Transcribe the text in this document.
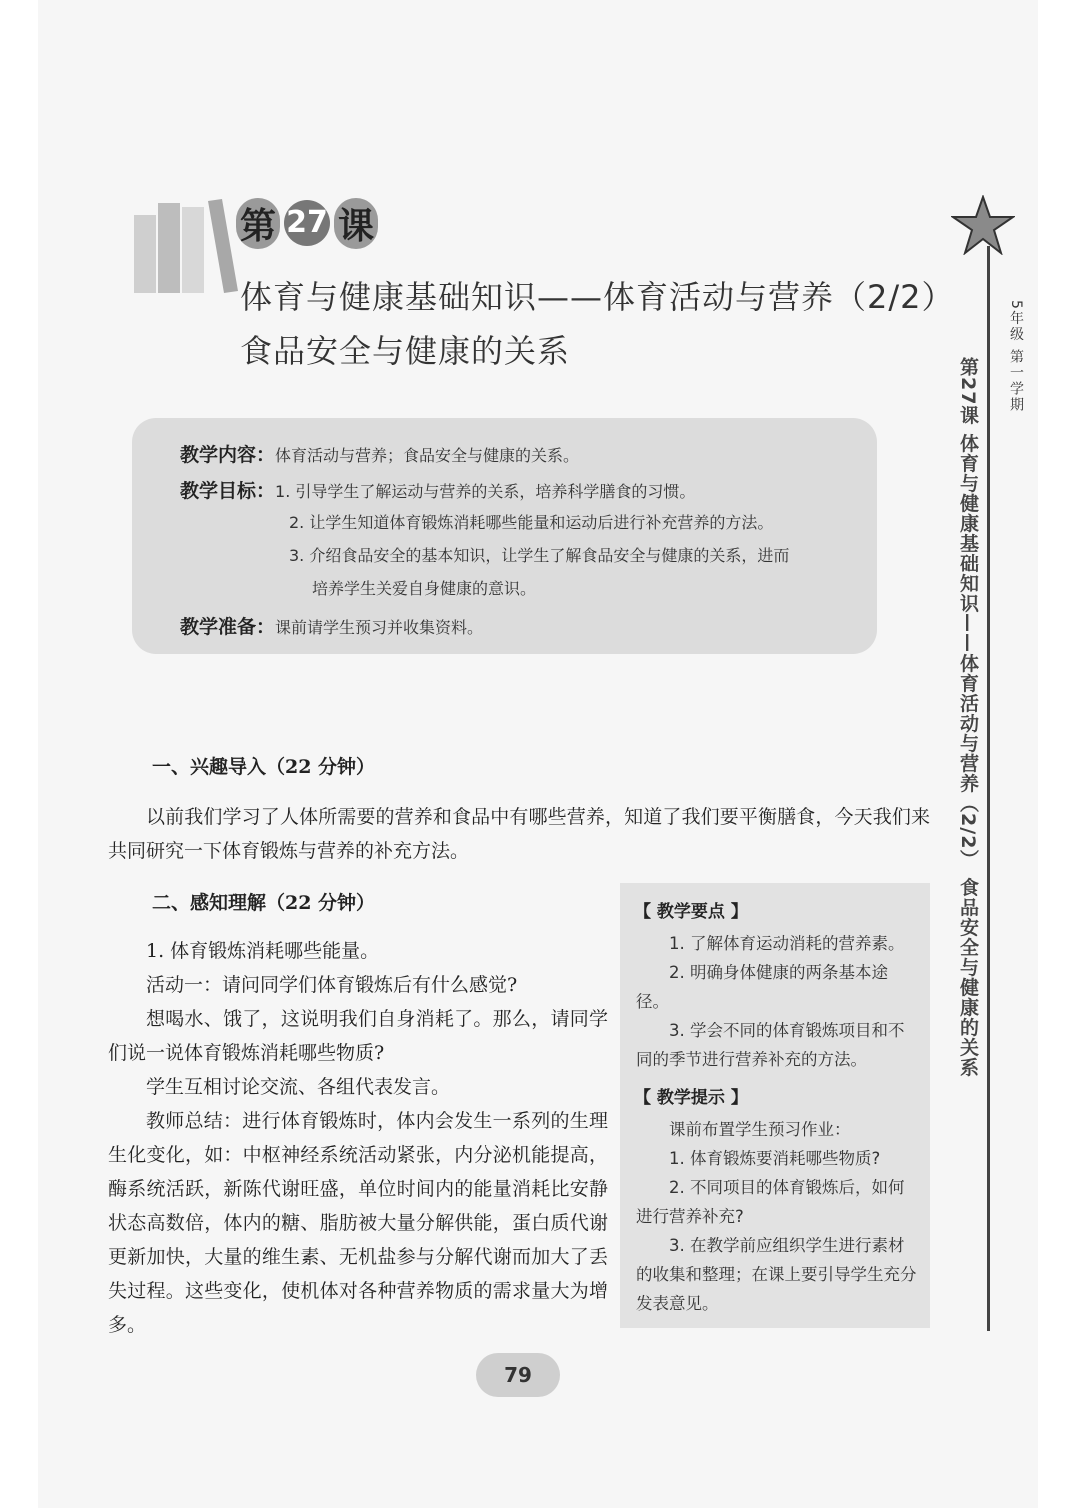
第 27 课
体育与健康基础知识——体育活动与营养（2/2）
食品安全与健康的关系
教学内容：体育活动与营养；食品安全与健康的关系。
教学目标：1. 引导学生了解运动与营养的关系，培养科学膳食的习惯。
2. 让学生知道体育锻炼消耗哪些能量和运动后进行补充营养的方法。
3. 介绍食品安全的基本知识，让学生了解食品安全与健康的关系，进而
培养学生关爱自身健康的意识。
教学准备：课前请学生预习并收集资料。
一、兴趣导入（22 分钟）
以前我们学习了人体所需要的营养和食品中有哪些营养，知道了我们要平衡膳食，今天我们来共同研究一下体育锻炼与营养的补充方法。
二、感知理解（22 分钟）
1. 体育锻炼消耗哪些能量。
活动一：请问同学们体育锻炼后有什么感觉?
想喝水、饿了，这说明我们自身消耗了。那么，请同学们说一说体育锻炼消耗哪些物质?
学生互相讨论交流、各组代表发言。
教师总结：进行体育锻炼时，体内会发生一系列的生理生化变化，如：中枢神经系统活动紧张，内分泌机能提高，酶系统活跃，新陈代谢旺盛，单位时间内的能量消耗比安静状态高数倍，体内的糖、脂肪被大量分解供能，蛋白质代谢更新加快，大量的维生素、无机盐参与分解代谢而加大了丢失过程。这些变化，使机体对各种营养物质的需求量大为增多。
【 教学要点 】

1. 了解体育运动消耗的营养素。

2. 明确身体健康的两条基本途径。

3. 学会不同的体育锻炼项目和不同的季节进行营养补充的方法。

【 教学提示 】

课前布置学生预习作业：

1. 体育锻炼要消耗哪些物质?

2. 不同项目的体育锻炼后，如何进行营养补充?

3. 在教学前应组织学生进行素材的收集和整理；在课上要引导学生充分发表意见。

5年级 第一学期
第27课 体育与健康基础知识——体育活动与营养（2/2） 食品安全与健康的关系
79
